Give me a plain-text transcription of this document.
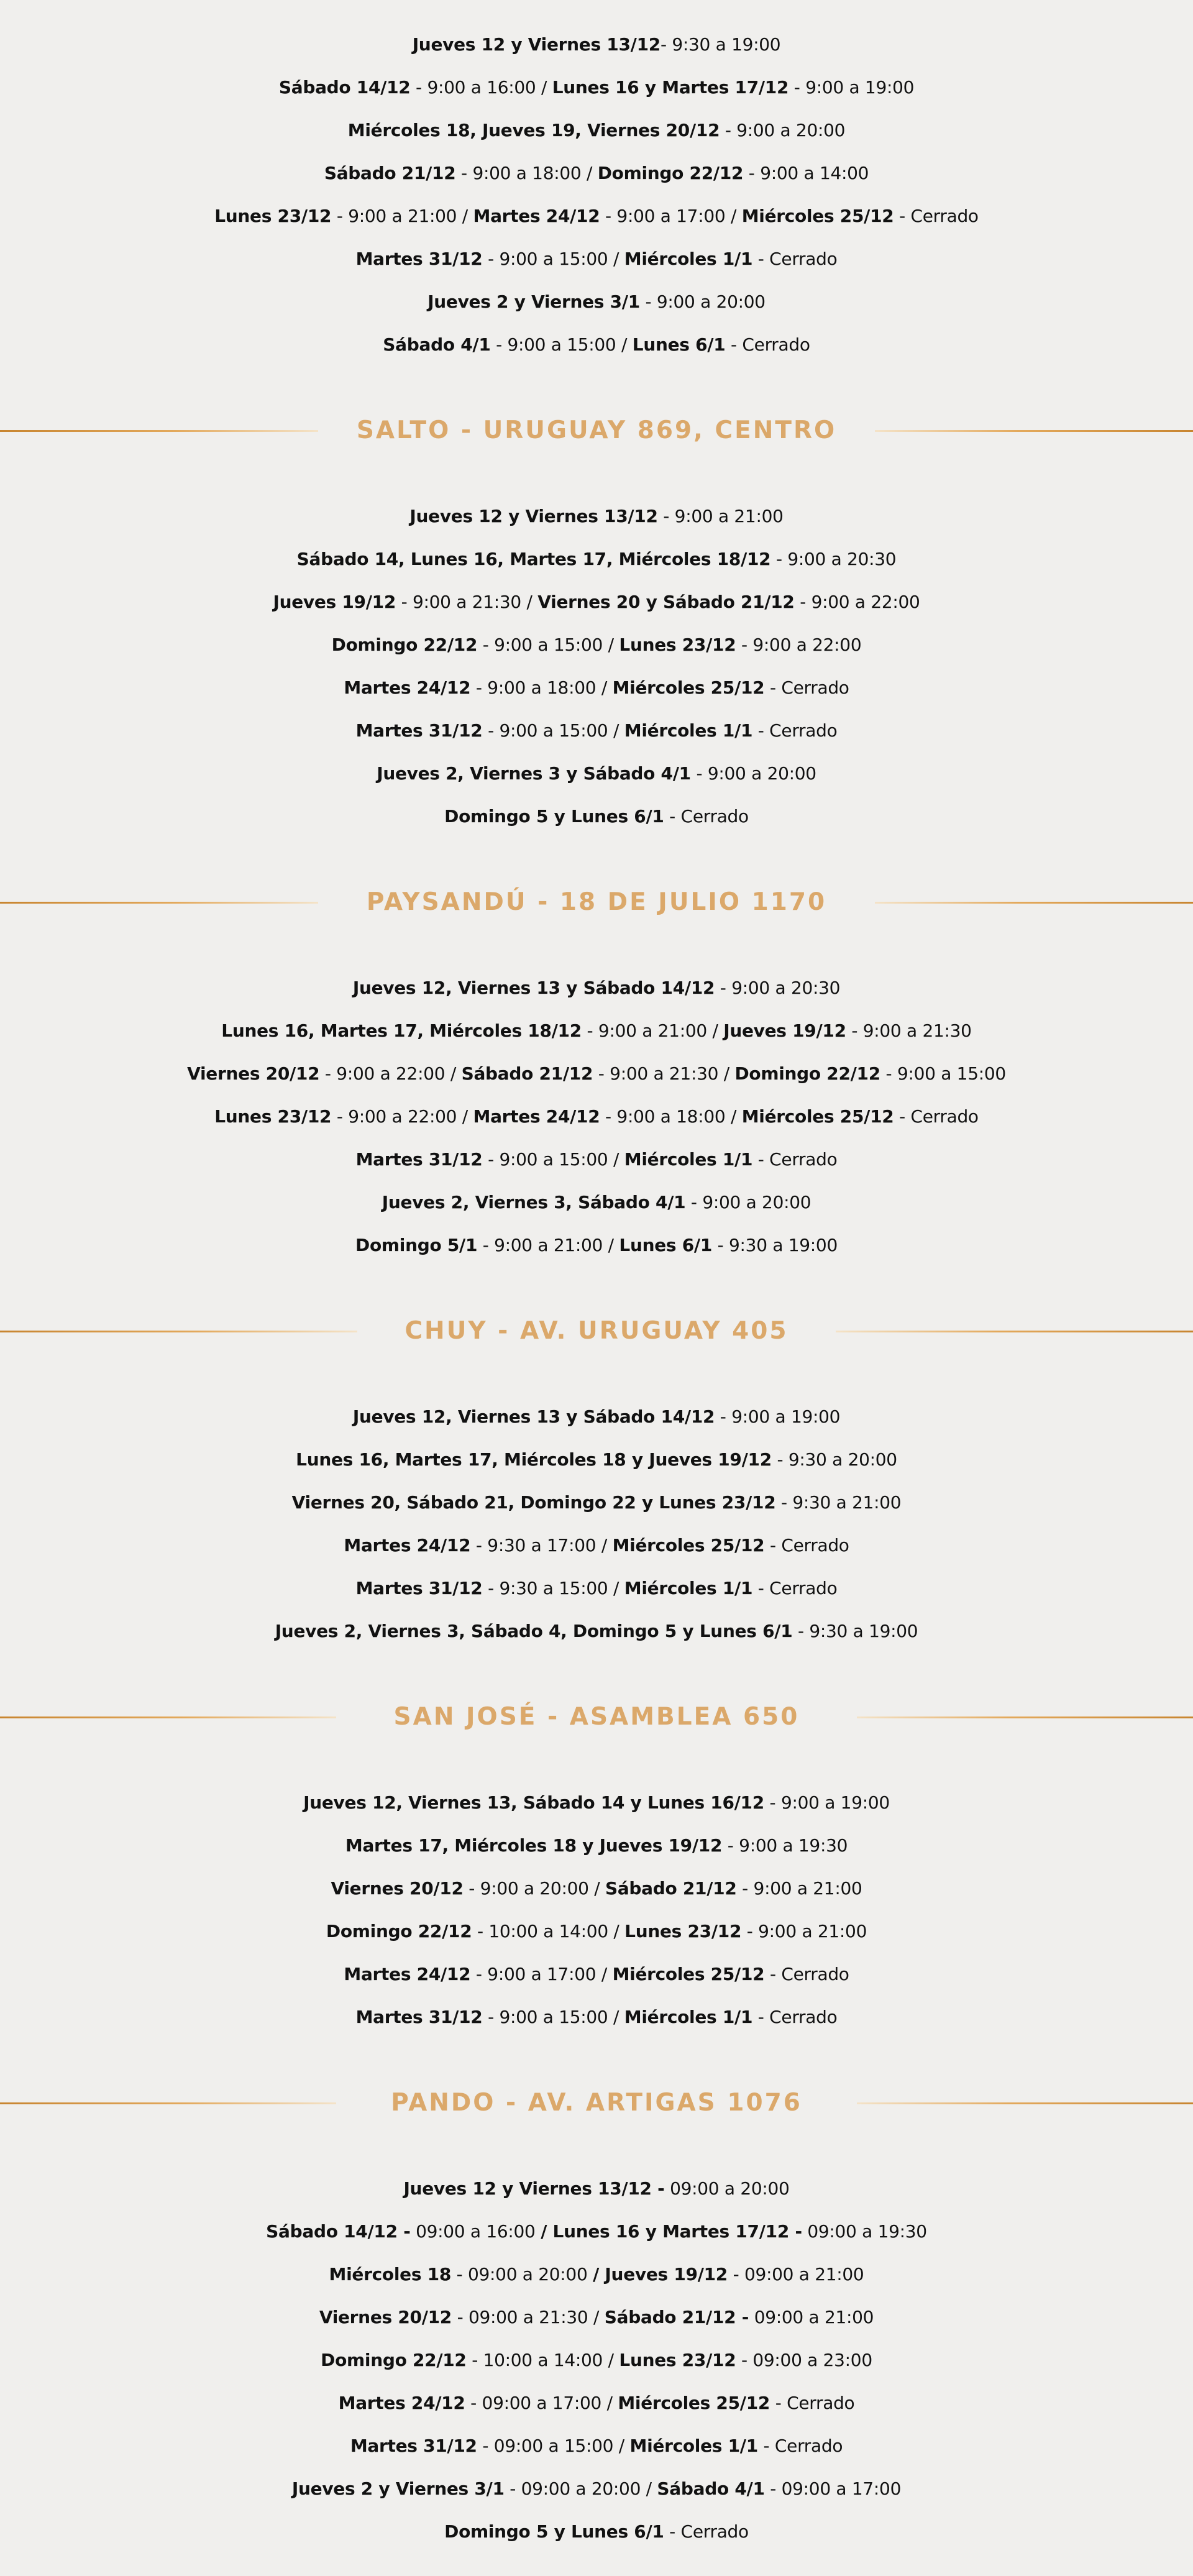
Jueves 12 y Viernes 13/12- 9:30 a 19:00
Sábado 14/12 - 9:00 a 16:00 / Lunes 16 y Martes 17/12 - 9:00 a 19:00
Miércoles 18, Jueves 19, Viernes 20/12 - 9:00 a 20:00
Sábado 21/12 - 9:00 a 18:00 / Domingo 22/12 - 9:00 a 14:00
Lunes 23/12 - 9:00 a 21:00 / Martes 24/12 - 9:00 a 17:00 / Miércoles 25/12 - Cerrado
Martes 31/12 - 9:00 a 15:00 / Miércoles 1/1 - Cerrado
Jueves 2 y Viernes 3/1 - 9:00 a 20:00
Sábado 4/1 - 9:00 a 15:00 / Lunes 6/1 - Cerrado
SALTO - URUGUAY 869, CENTRO
Jueves 12 y Viernes 13/12 - 9:00 a 21:00
Sábado 14, Lunes 16, Martes 17, Miércoles 18/12 - 9:00 a 20:30
Jueves 19/12 - 9:00 a 21:30 / Viernes 20 y Sábado 21/12 - 9:00 a 22:00
Domingo 22/12 - 9:00 a 15:00 / Lunes 23/12 - 9:00 a 22:00
Martes 24/12 - 9:00 a 18:00 / Miércoles 25/12 - Cerrado
Martes 31/12 - 9:00 a 15:00 / Miércoles 1/1 - Cerrado
Jueves 2, Viernes 3 y Sábado 4/1 - 9:00 a 20:00
Domingo 5 y Lunes 6/1 - Cerrado
PAYSANDÚ - 18 DE JULIO 1170
Jueves 12, Viernes 13 y Sábado 14/12 - 9:00 a 20:30
Lunes 16, Martes 17, Miércoles 18/12 - 9:00 a 21:00 / Jueves 19/12 - 9:00 a 21:30
Viernes 20/12 - 9:00 a 22:00 / Sábado 21/12 - 9:00 a 21:30 / Domingo 22/12 - 9:00 a 15:00
Lunes 23/12 - 9:00 a 22:00 / Martes 24/12 - 9:00 a 18:00 / Miércoles 25/12 - Cerrado
Martes 31/12 - 9:00 a 15:00 / Miércoles 1/1 - Cerrado
Jueves 2, Viernes 3, Sábado 4/1 - 9:00 a 20:00
Domingo 5/1 - 9:00 a 21:00 / Lunes 6/1 - 9:30 a 19:00
CHUY - AV. URUGUAY 405
Jueves 12, Viernes 13 y Sábado 14/12 - 9:00 a 19:00
Lunes 16, Martes 17, Miércoles 18 y Jueves 19/12 - 9:30 a 20:00
Viernes 20, Sábado 21, Domingo 22 y Lunes 23/12 - 9:30 a 21:00
Martes 24/12 - 9:30 a 17:00 / Miércoles 25/12 - Cerrado
Martes 31/12 - 9:30 a 15:00 / Miércoles 1/1 - Cerrado
Jueves 2, Viernes 3, Sábado 4, Domingo 5 y Lunes 6/1 - 9:30 a 19:00
SAN JOSÉ - ASAMBLEA 650
Jueves 12, Viernes 13, Sábado 14 y Lunes 16/12 - 9:00 a 19:00
Martes 17, Miércoles 18 y Jueves 19/12 - 9:00 a 19:30
Viernes 20/12 - 9:00 a 20:00 / Sábado 21/12 - 9:00 a 21:00
Domingo 22/12 - 10:00 a 14:00 / Lunes 23/12 - 9:00 a 21:00
Martes 24/12 - 9:00 a 17:00 / Miércoles 25/12 - Cerrado
Martes 31/12 - 9:00 a 15:00 / Miércoles 1/1 - Cerrado
PANDO - AV. ARTIGAS 1076
Jueves 12 y Viernes 13/12 - 09:00 a 20:00
Sábado 14/12 - 09:00 a 16:00 / Lunes 16 y Martes 17/12 - 09:00 a 19:30
Miércoles 18 - 09:00 a 20:00 / Jueves 19/12 - 09:00 a 21:00
Viernes 20/12 - 09:00 a 21:30 / Sábado 21/12 - 09:00 a 21:00
Domingo 22/12 - 10:00 a 14:00 / Lunes 23/12 - 09:00 a 23:00
Martes 24/12 - 09:00 a 17:00 / Miércoles 25/12 - Cerrado
Martes 31/12 - 09:00 a 15:00 / Miércoles 1/1 - Cerrado
Jueves 2 y Viernes 3/1 - 09:00 a 20:00 / Sábado 4/1 - 09:00 a 17:00
Domingo 5 y Lunes 6/1 - Cerrado
